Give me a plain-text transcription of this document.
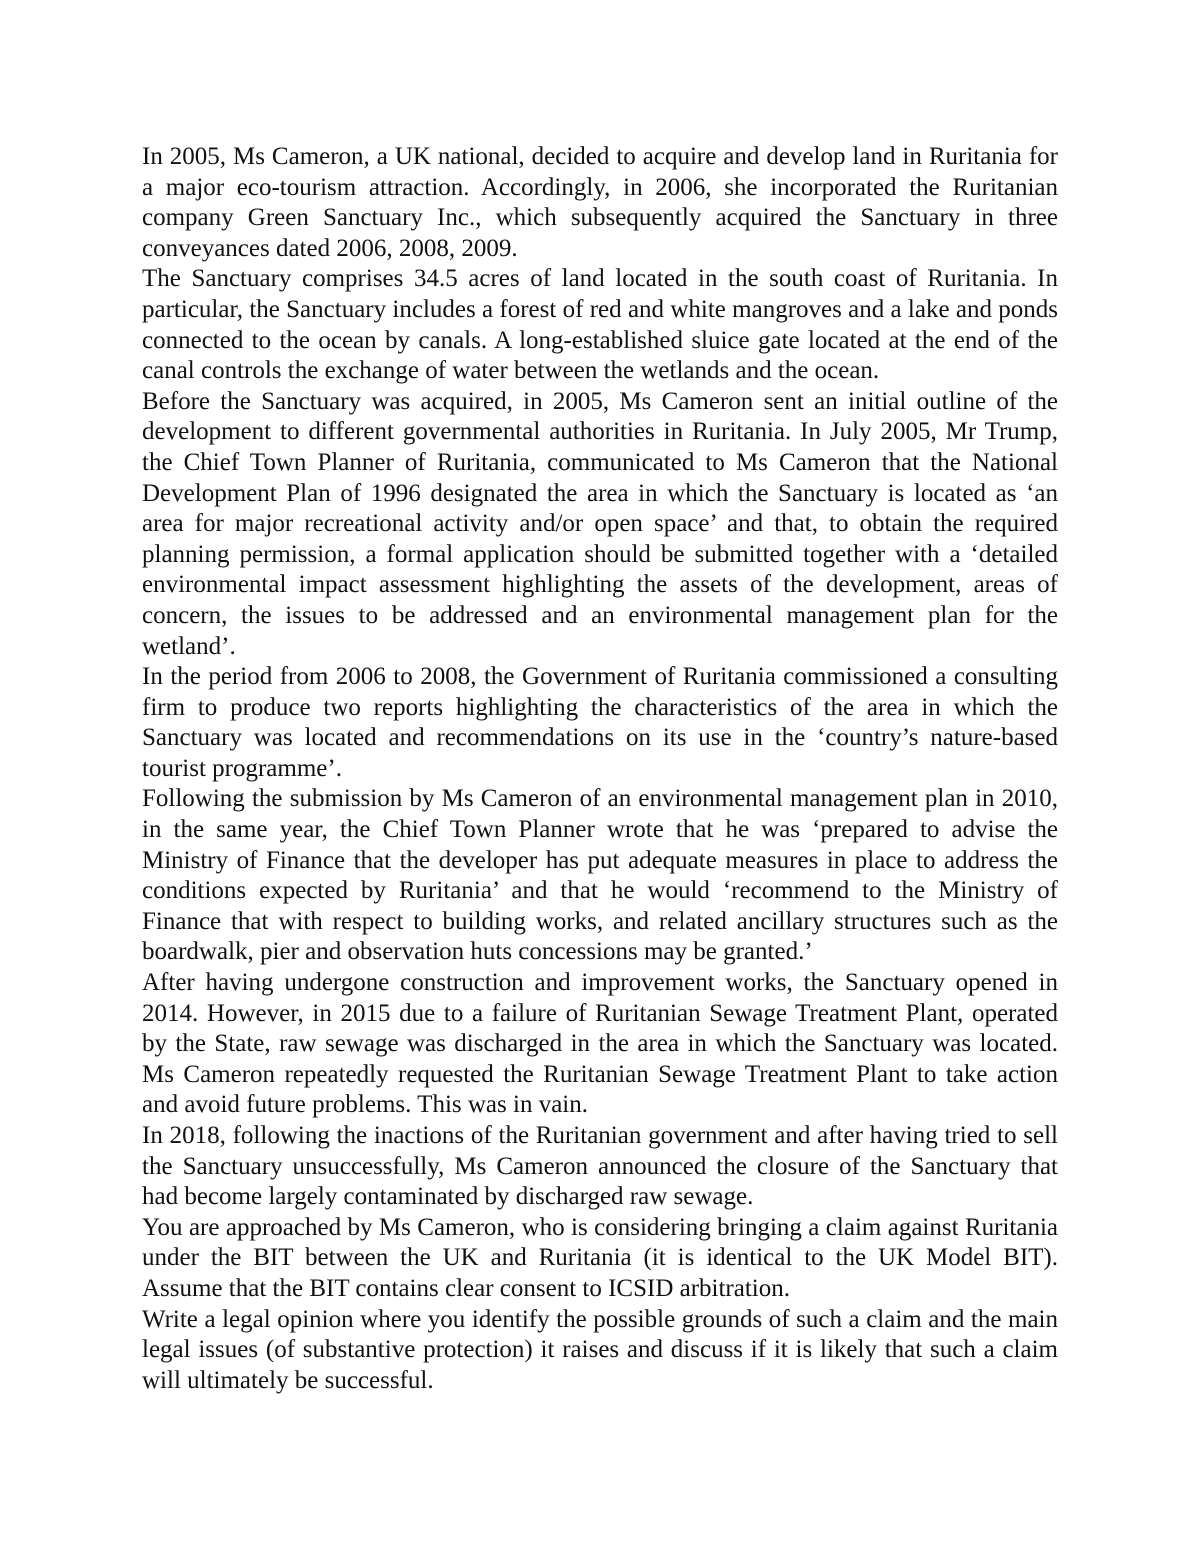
In 2005, Ms Cameron, a UK national, decided to acquire and develop land in Ruritania for a major eco-tourism attraction. Accordingly, in 2006, she incorporated the Ruritanian company Green Sanctuary Inc., which subsequently acquired the Sanctuary in three conveyances dated 2006, 2008, 2009.

The Sanctuary comprises 34.5 acres of land located in the south coast of Ruritania. In particular, the Sanctuary includes a forest of red and white mangroves and a lake and ponds connected to the ocean by canals. A long-established sluice gate located at the end of the canal controls the exchange of water between the wetlands and the ocean.

Before the Sanctuary was acquired, in 2005, Ms Cameron sent an initial outline of the development to different governmental authorities in Ruritania. In July 2005, Mr Trump, the Chief Town Planner of Ruritania, communicated to Ms Cameron that the National Development Plan of 1996 designated the area in which the Sanctuary is located as ‘an area for major recreational activity and/or open space’ and that, to obtain the required planning permission, a formal application should be submitted together with a ‘detailed environmental impact assessment highlighting the assets of the development, areas of concern, the issues to be addressed and an environmental management plan for the wetland’.

In the period from 2006 to 2008, the Government of Ruritania commissioned a consulting firm to produce two reports highlighting the characteristics of the area in which the Sanctuary was located and recommendations on its use in the ‘country’s nature-based tourist programme’.

Following the submission by Ms Cameron of an environmental management plan in 2010, in the same year, the Chief Town Planner wrote that he was ‘prepared to advise the Ministry of Finance that the developer has put adequate measures in place to address the conditions expected by Ruritania’ and that he would ‘recommend to the Ministry of Finance that with respect to building works, and related ancillary structures such as the boardwalk, pier and observation huts concessions may be granted.’

After having undergone construction and improvement works, the Sanctuary opened in 2014. However, in 2015 due to a failure of Ruritanian Sewage Treatment Plant, operated by the State, raw sewage was discharged in the area in which the Sanctuary was located. Ms Cameron repeatedly requested the Ruritanian Sewage Treatment Plant to take action and avoid future problems. This was in vain.

In 2018, following the inactions of the Ruritanian government and after having tried to sell the Sanctuary unsuccessfully, Ms Cameron announced the closure of the Sanctuary that had become largely contaminated by discharged raw sewage.

You are approached by Ms Cameron, who is considering bringing a claim against Ruritania under the BIT between the UK and Ruritania (it is identical to the UK Model BIT). Assume that the BIT contains clear consent to ICSID arbitration.

Write a legal opinion where you identify the possible grounds of such a claim and the main legal issues (of substantive protection) it raises and discuss if it is likely that such a claim will ultimately be successful.
